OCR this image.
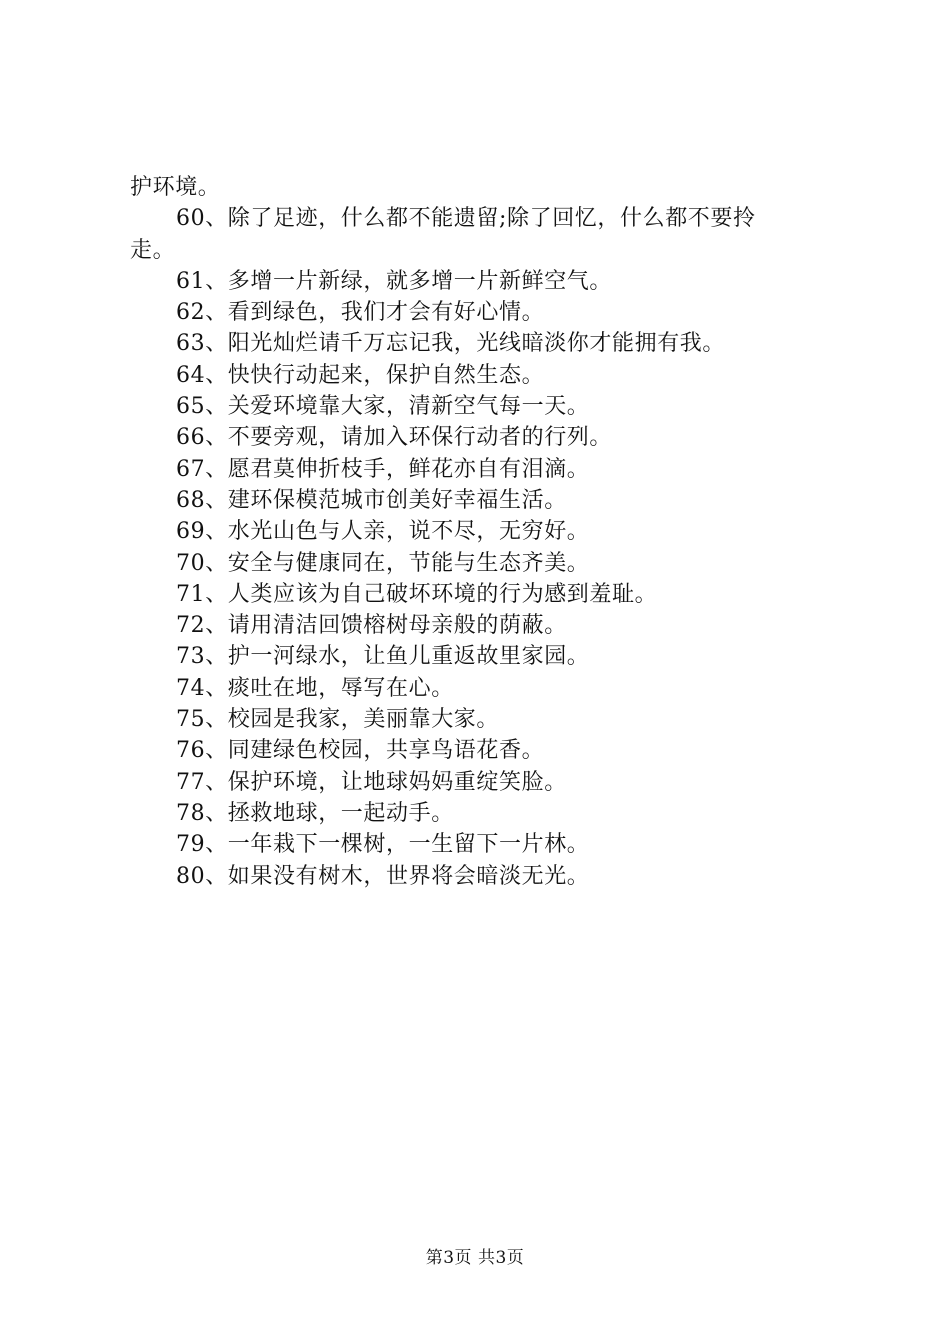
护环境。
60、除了足迹，什么都不能遗留;除了回忆，什么都不要拎
走。
61、多增一片新绿，就多增一片新鲜空气。
62、看到绿色，我们才会有好心情。
63、阳光灿烂请千万忘记我，光线暗淡你才能拥有我。
64、快快行动起来，保护自然生态。
65、关爱环境靠大家，清新空气每一天。
66、不要旁观，请加入环保行动者的行列。
67、愿君莫伸折枝手，鲜花亦自有泪滴。
68、建环保模范城市创美好幸福生活。
69、水光山色与人亲，说不尽，无穷好。
70、安全与健康同在，节能与生态齐美。
71、人类应该为自己破坏环境的行为感到羞耻。
72、请用清洁回馈榕树母亲般的荫蔽。
73、护一河绿水，让鱼儿重返故里家园。
74、痰吐在地，辱写在心。
75、校园是我家，美丽靠大家。
76、同建绿色校园，共享鸟语花香。
77、保护环境，让地球妈妈重绽笑脸。
78、拯救地球，一起动手。
79、一年栽下一棵树，一生留下一片林。
80、如果没有树木，世界将会暗淡无光。
第3页 共3页
